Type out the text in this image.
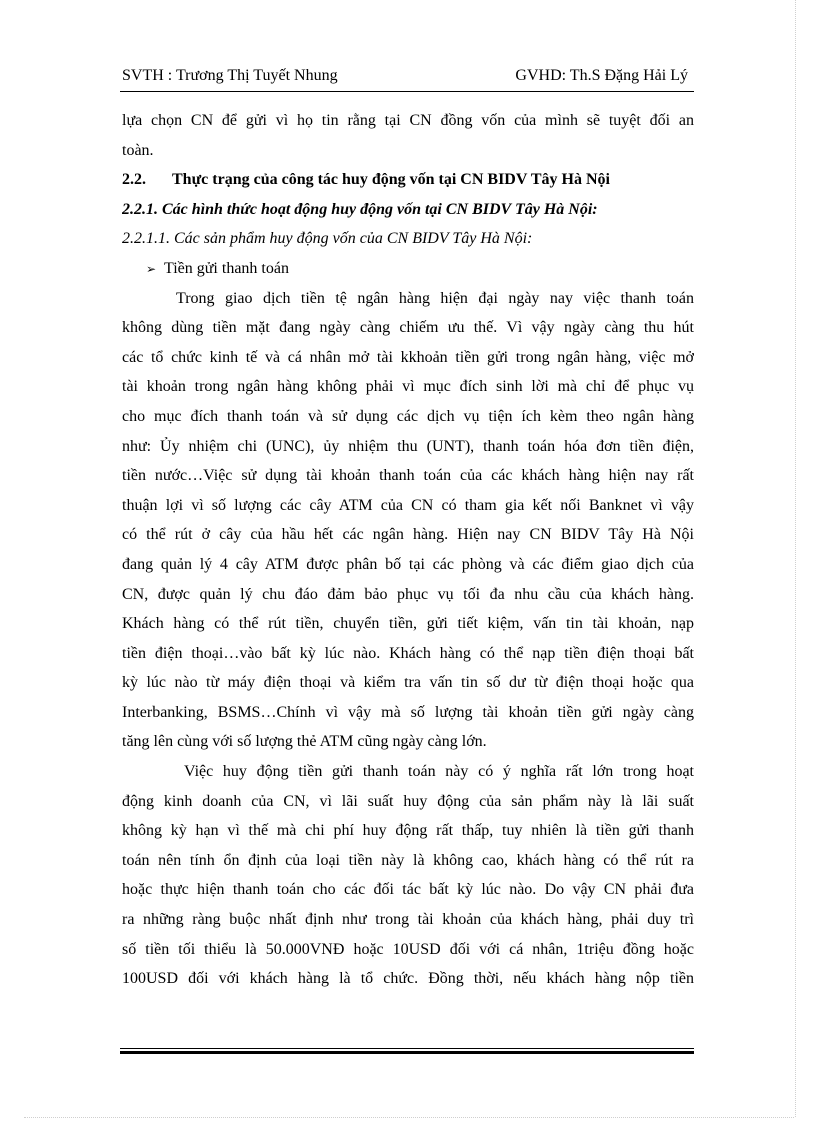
SVTH : Trương Thị Tuyết Nhung	GVHD: Th.S Đặng Hải Lý
lựa chọn CN để gửi vì họ tin rằng tại CN đồng vốn của mình sẽ tuyệt đối an
toàn.
2.2. Thực trạng của công tác huy động vốn tại CN BIDV Tây Hà Nội
2.2.1. Các hình thức hoạt động huy động vốn tại CN BIDV Tây Hà Nội:
2.2.1.1. Các sản phẩm huy động vốn của CN BIDV Tây Hà Nội:
➢ Tiền gửi thanh toán
Trong giao dịch tiền tệ ngân hàng hiện đại ngày nay việc thanh toán
không dùng tiền mặt đang ngày càng chiếm ưu thế. Vì vậy ngày càng thu hút
các tổ chức kinh tế và cá nhân mở tài kkhoản tiền gửi trong ngân hàng, việc mở
tài khoản trong ngân hàng không phải vì mục đích sinh lời mà chỉ để phục vụ
cho mục đích thanh toán và sử dụng các dịch vụ tiện ích kèm theo ngân hàng
như: Ủy nhiệm chi (UNC), ủy nhiệm thu (UNT), thanh toán hóa đơn tiền điện,
tiền nước…Việc sử dụng tài khoản thanh toán của các khách hàng hiện nay rất
thuận lợi vì số lượng các cây ATM của CN có tham gia kết nối Banknet vì vậy
có thể rút ở cây của hầu hết các ngân hàng. Hiện nay CN BIDV Tây Hà Nội
đang quản lý 4 cây ATM được phân bố tại các phòng và các điểm giao dịch của
CN, được quản lý chu đáo đảm bảo phục vụ tối đa nhu cầu của khách hàng.
Khách hàng có thể rút tiền, chuyển tiền, gửi tiết kiệm, vấn tin tài khoản, nạp
tiền điện thoại…vào bất kỳ lúc nào. Khách hàng có thể nạp tiền điện thoại bất
kỳ lúc nào từ máy điện thoại và kiểm tra vấn tin số dư từ điện thoại hoặc qua
Interbanking, BSMS…Chính vì vậy mà số lượng tài khoản tiền gửi ngày càng
tăng lên cùng với số lượng thẻ ATM cũng ngày càng lớn.
Việc huy động tiền gửi thanh toán này có ý nghĩa rất lớn trong hoạt
động kinh doanh của CN, vì lãi suất huy động của sản phẩm này là lãi suất
không kỳ hạn vì thế mà chi phí huy động rất thấp, tuy nhiên là tiền gửi thanh
toán nên tính ổn định của loại tiền này là không cao, khách hàng có thể rút ra
hoặc thực hiện thanh toán cho các đối tác bất kỳ lúc nào. Do vậy CN phải đưa
ra những ràng buộc nhất định như trong tài khoản của khách hàng, phải duy trì
số tiền tối thiểu là 50.000VNĐ hoặc 10USD đối với cá nhân, 1triệu đồng hoặc
100USD đối với khách hàng là tổ chức. Đồng thời, nếu khách hàng nộp tiền
